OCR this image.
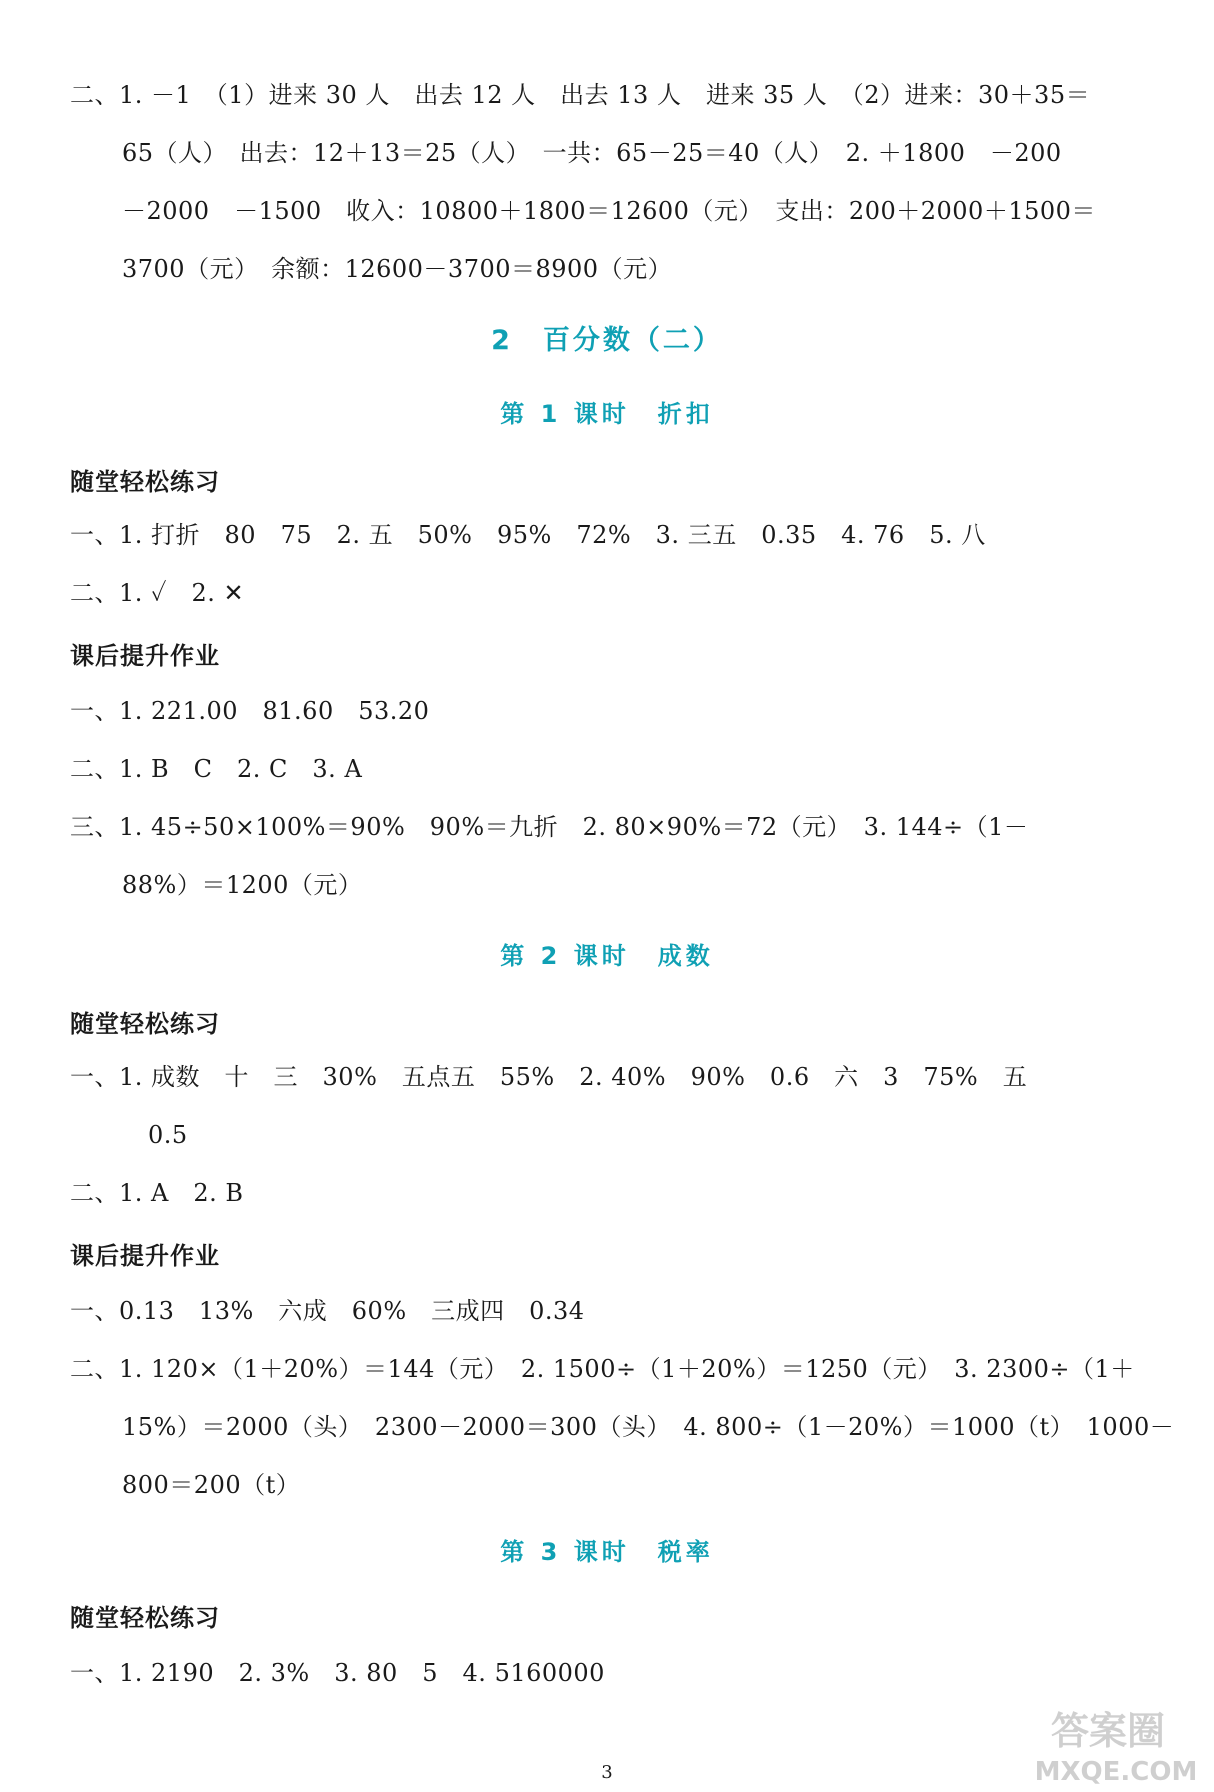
二、1. －1　（1）进来 30 人　出去 12 人　出去 13 人　进来 35 人　（2）进来：30＋35＝
65（人）　出去：12＋13＝25（人）　一共：65－25＝40（人）　2. ＋1800　－200
－2000　－1500　收入：10800＋1800＝12600（元）　支出：200＋2000＋1500＝
3700（元）　余额：12600－3700＝8900（元）
2　百分数（二）
第 1 课时　折扣
随堂轻松练习
一、1. 打折　80　75　2. 五　50%　95%　72%　3. 三五　0.35　4. 76　5. 八
二、1. ✓　2. ✕
课后提升作业
一、1. 221.00　81.60　53.20
二、1. B　C　2. C　3. A
三、1. 45÷50×100%＝90%　90%＝九折　2. 80×90%＝72（元）　3. 144÷（1－
88%）＝1200（元）
第 2 课时　成数
随堂轻松练习
一、1. 成数　十　三　30%　五点五　55%　2. 40%　90%　0.6　六　3　75%　五
0.5
二、1. A　2. B
课后提升作业
一、0.13　13%　六成　60%　三成四　0.34
二、1. 120×（1＋20%）＝144（元）　2. 1500÷（1＋20%）＝1250（元）　3. 2300÷（1＋
15%）＝2000（头）　2300－2000＝300（头）　4. 800÷（1－20%）＝1000（t）　1000－
800＝200（t）
第 3 课时　税率
随堂轻松练习
一、1. 2190　2. 3%　3. 80　5　4. 5160000
3
答案圈
MXQE.COM
